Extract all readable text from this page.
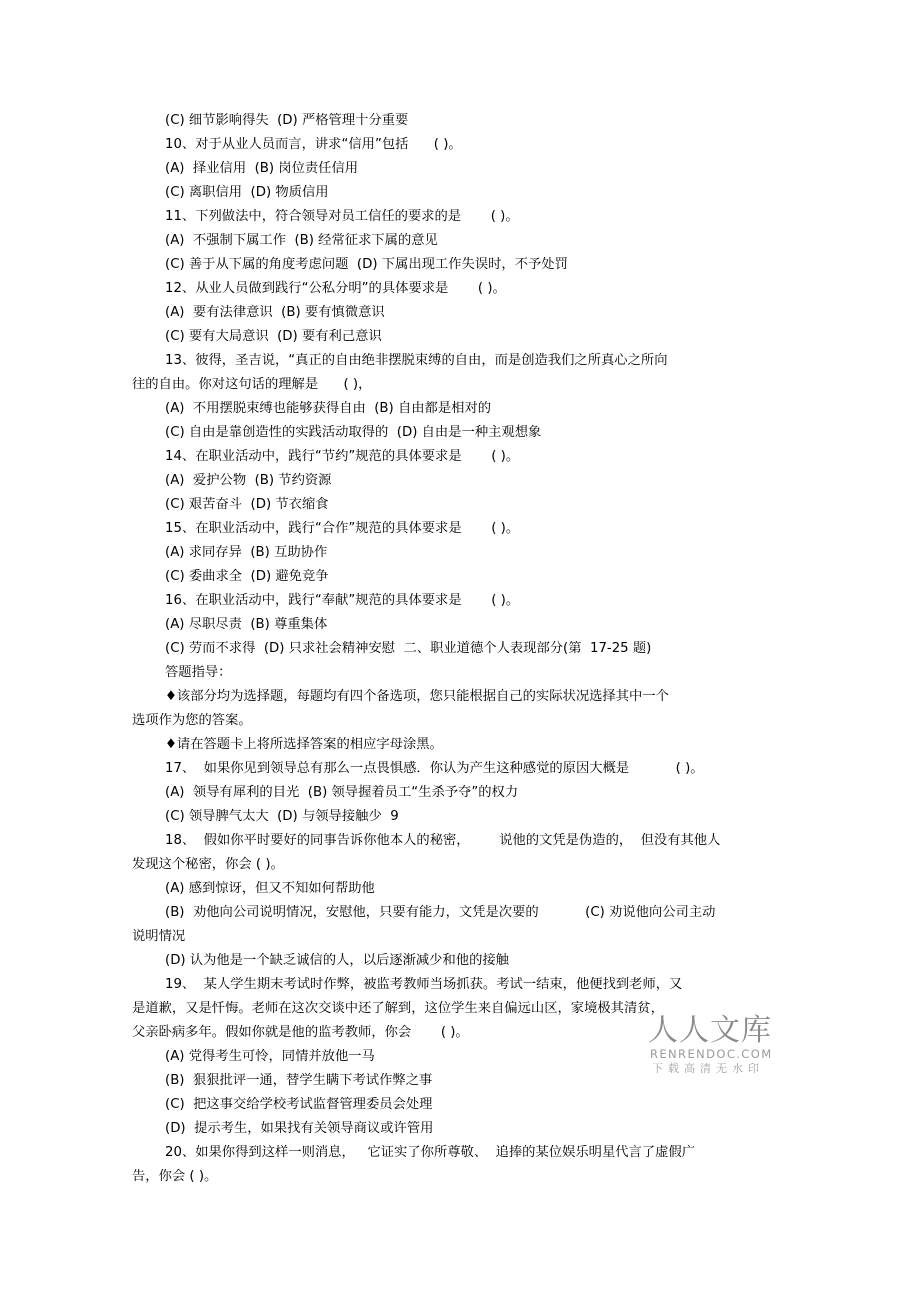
(C) 细节影响得失  (D) 严格管理十分重要
10、对于从业人员而言，讲求“信用”包括      ( )。
(A)  择业信用  (B) 岗位责任信用
(C) 离职信用  (D) 物质信用
11、下列做法中，符合领导对员工信任的要求的是       ( )。
(A)  不强制下属工作  (B) 经常征求下属的意见
(C) 善于从下属的角度考虑问题  (D) 下属出现工作失误时，不予处罚
12、从业人员做到践行“公私分明”的具体要求是       ( )。
(A)  要有法律意识  (B) 要有慎微意识
(C) 要有大局意识  (D) 要有利己意识
13、彼得，圣吉说，“真正的自由绝非摆脱束缚的自由，而是创造我们之所真心之所向
往的自由。你对这句话的理解是      ( )，
(A)  不用摆脱束缚也能够获得自由  (B) 自由都是相对的
(C) 自由是靠创造性的实践活动取得的  (D) 自由是一种主观想象
14、在职业活动中，践行“节约”规范的具体要求是       ( )。
(A)  爱护公物  (B) 节约资源
(C) 艰苦奋斗  (D) 节衣缩食
15、在职业活动中，践行“合作”规范的具体要求是       ( )。
(A) 求同存异  (B) 互助协作
(C) 委曲求全  (D) 避免竞争
16、在职业活动中，践行“奉献”规范的具体要求是       ( )。
(A) 尽职尽责  (B) 尊重集体
(C) 劳而不求得  (D) 只求社会精神安慰  二、职业道德个人表现部分(第  17-25 题)
答题指导：
♦该部分均为选择题，每题均有四个备选项，您只能根据自己的实际状况选择其中一个
选项作为您的答案。
♦请在答题卡上将所选择答案的相应字母涂黑。
17、  如果你见到领导总有那么一点畏惧感．你认为产生这种感觉的原因大概是           ( )。
(A)  领导有犀利的目光  (B) 领导握着员工“生杀予夺”的权力
(C) 领导脾气太大  (D) 与领导接触少  9
18、  假如你平时要好的同事告诉你他本人的秘密，       说他的文凭是伪造的，  但没有其他人
发现这个秘密，你会 ( )。
(A) 感到惊讶，但又不知如何帮助他
(B)  劝他向公司说明情况，安慰他，只要有能力，文凭是次要的           (C) 劝说他向公司主动
说明情况
(D) 认为他是一个缺乏诚信的人，以后逐渐减少和他的接触
19、  某人学生期末考试时作弊，被监考教师当场抓获。考试一结束，他便找到老师，又
是道歉，又是忏悔。老师在这次交谈中还了解到，这位学生来自偏远山区，家境极其清贫，
父亲卧病多年。假如你就是他的监考教师，你会       ( )。
(A) 党得考生可怜，同情并放他一马
(B)  狠狠批评一通，替学生瞒下考试作弊之事
(C)  把这事交给学校考试监督管理委员会处理
(D)  提示考生，如果找有关领导商议或许管用
20、如果你得到这样一则消息，   它证实了你所尊敬、  追捧的某位娱乐明星代言了虚假广
告，你会 ( )。
人人文库
RENRENDOC.COM
下载高清无水印
